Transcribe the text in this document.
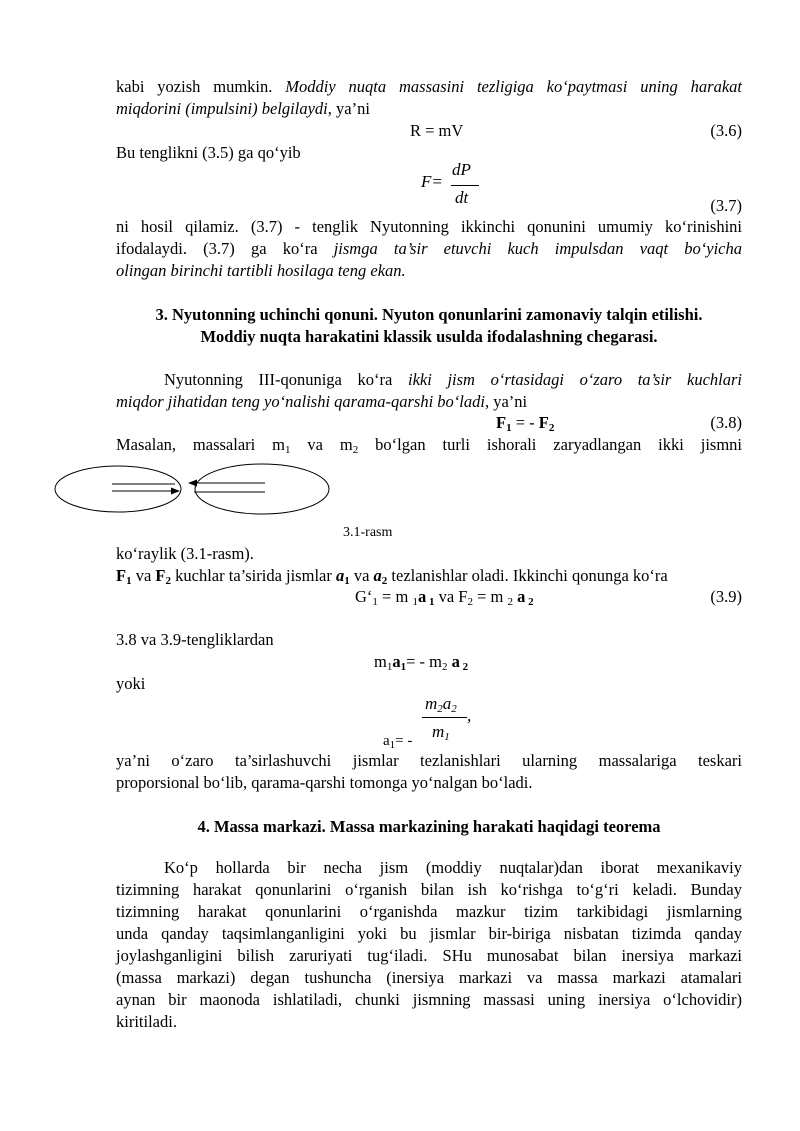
kabi yozish mumkin. Moddiy nuqta massasini tezligiga ko‘paytmasi uning harakat
miqdorini (impulsini) belgilaydi, ya’ni
R = mV	(3.6)
Bu tenglikni (3.5) ga qo‘yib
F=
dP
dt	(3.7)
ni hosil qilamiz. (3.7) - tenglik Nyutonning ikkinchi qonunini umumiy ko‘rinishini
ifodalaydi. (3.7) ga ko‘ra jismga ta’sir etuvchi kuch impulsdan vaqt bo‘yicha
olingan birinchi tartibli hosilaga teng ekan.
3. Nyutonning uchinchi qonuni. Nyuton qonunlarini zamonaviy talqin etilishi.
Moddiy nuqta harakatini klassik usulda ifodalashning chegarasi.
Nyutonning III-qonuniga ko‘ra ikki jism o‘rtasidagi o‘zaro ta’sir kuchlari
miqdor jihatidan teng yo‘nalishi qarama-qarshi bo‘ladi, ya’ni
$F_1$ = - $F_2$	(3.8)
Masalan, massalari $m_1$ va $m_2$ bo‘lgan turli ishorali zaryadlangan ikki jismni
3.1-rasm
ko‘raylik (3.1-rasm).
$F_1$ va $F_2$ kuchlar ta’sirida jismlar $a_1$ va $a_2$ tezlanishlar oladi. Ikkinchi qonunga ko‘ra
$G‘_1 = m$ $_1$a $_1$ va $F_2 = m$ $_2$ a $_2$	(3.9)
3.8 va 3.9-tengliklardan
$m_1a_1= - m_2$ a $_2$
yoki
$m_2a_2$ ,
$m_1$
$a_1=$ -
ya’ni o‘zaro ta’sirlashuvchi jismlar tezlanishlari ularning massalariga teskari
proporsional bo‘lib, qarama-qarshi tomonga yo‘nalgan bo‘ladi.
4. Massa markazi. Massa markazining harakati haqidagi teorema
Ko‘p hollarda bir necha jism (moddiy nuqtalar)dan iborat mexanikaviy
tizimning harakat qonunlarini o‘rganish bilan ish ko‘rishga to‘g‘ri keladi. Bunday
tizimning harakat qonunlarini o‘rganishda mazkur tizim tarkibidagi jismlarning
unda qanday taqsimlanganligini yoki bu jismlar bir-biriga nisbatan tizimda qanday
joylashganligini bilish zaruriyati tug‘iladi. SHu munosabat bilan inersiya markazi
(massa markazi) degan tushuncha (inersiya markazi va massa markazi atamalari
aynan bir maonoda ishlatiladi, chunki jismning massasi uning inersiya o‘lchovidir)
kiritiladi.
